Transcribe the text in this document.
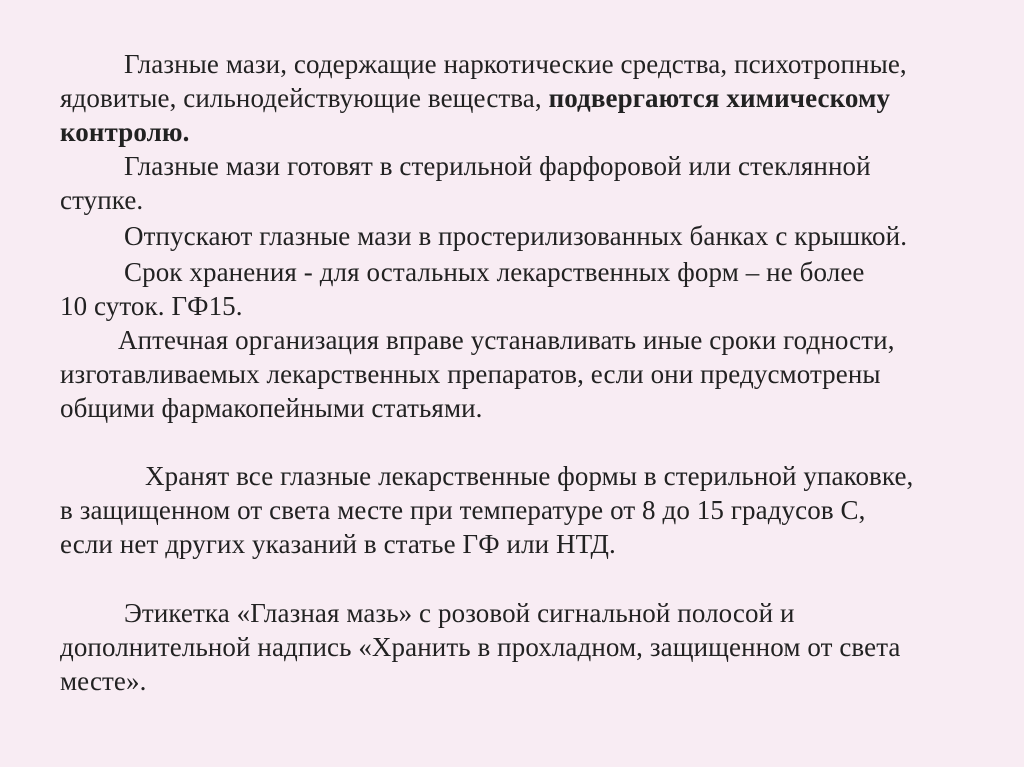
Глазные мази, содержащие наркотические средства, психотропные,
ядовитые, сильнодействующие вещества, подвергаются химическому
контролю.
Глазные мази готовят в стерильной фарфоровой или стеклянной
ступке.
Отпускают глазные мази в простерилизованных банках с крышкой.
Срок хранения - для остальных лекарственных форм – не более
10 суток. ГФ15.
Аптечная организация вправе устанавливать иные сроки годности,
изготавливаемых лекарственных препаратов, если они предусмотрены
общими фармакопейными статьями.
Хранят все глазные лекарственные формы в стерильной упаковке,
в защищенном от света месте при температуре от 8 до 15 градусов С,
если нет других указаний в статье ГФ или НТД.
Этикетка «Глазная мазь» с розовой сигнальной полосой и
дополнительной надпись «Хранить в прохладном, защищенном от света
месте».
